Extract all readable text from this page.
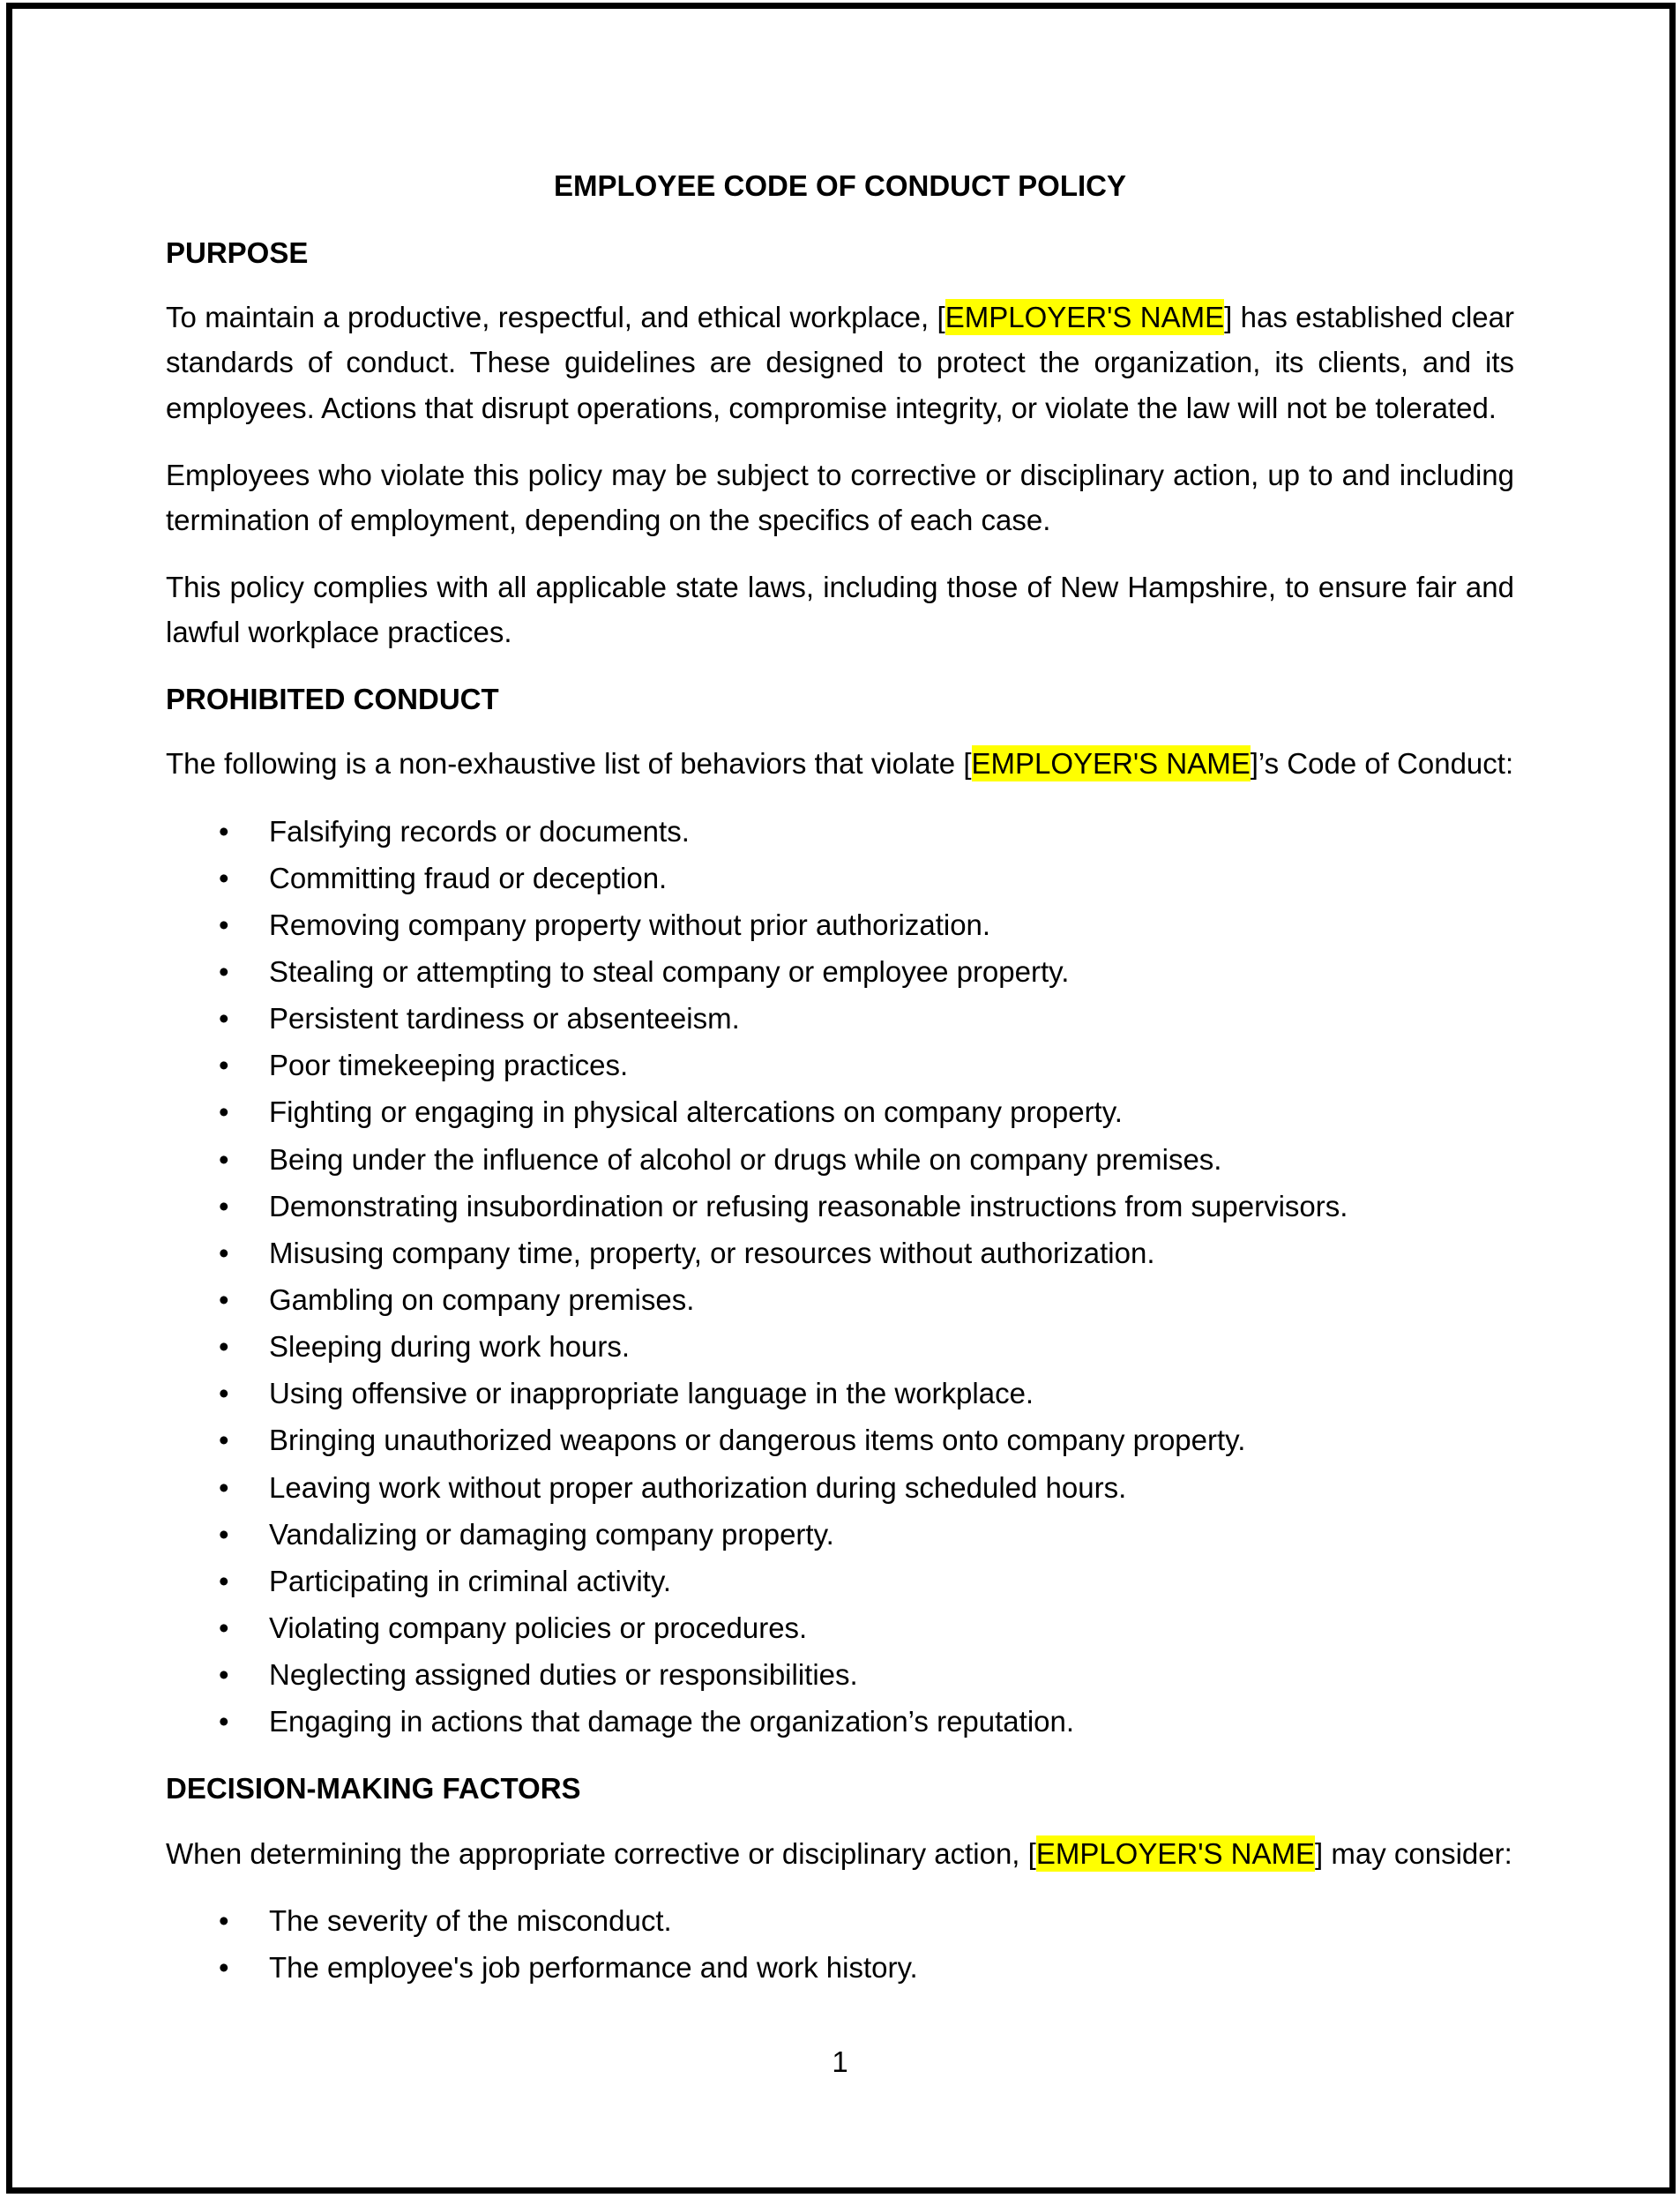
EMPLOYEE CODE OF CONDUCT POLICY
PURPOSE

To maintain a productive, respectful, and ethical workplace, [EMPLOYER'S NAME] has established clear standards of conduct. These guidelines are designed to protect the organization, its clients, and its employees. Actions that disrupt operations, compromise integrity, or violate the law will not be tolerated.

Employees who violate this policy may be subject to corrective or disciplinary action, up to and including termination of employment, depending on the specifics of each case.

This policy complies with all applicable state laws, including those of New Hampshire, to ensure fair and lawful workplace practices.

PROHIBITED CONDUCT

The following is a non-exhaustive list of behaviors that violate [EMPLOYER'S NAME]’s Code of Conduct:

• Falsifying records or documents.
• Committing fraud or deception.
• Removing company property without prior authorization.
• Stealing or attempting to steal company or employee property.
• Persistent tardiness or absenteeism.
• Poor timekeeping practices.
• Fighting or engaging in physical altercations on company property.
• Being under the influence of alcohol or drugs while on company premises.
• Demonstrating insubordination or refusing reasonable instructions from supervisors.
• Misusing company time, property, or resources without authorization.
• Gambling on company premises.
• Sleeping during work hours.
• Using offensive or inappropriate language in the workplace.
• Bringing unauthorized weapons or dangerous items onto company property.
• Leaving work without proper authorization during scheduled hours.
• Vandalizing or damaging company property.
• Participating in criminal activity.
• Violating company policies or procedures.
• Neglecting assigned duties or responsibilities.
• Engaging in actions that damage the organization’s reputation.
DECISION-MAKING FACTORS

When determining the appropriate corrective or disciplinary action, [EMPLOYER'S NAME] may consider:

• The severity of the misconduct.
• The employee's job performance and work history.
1
